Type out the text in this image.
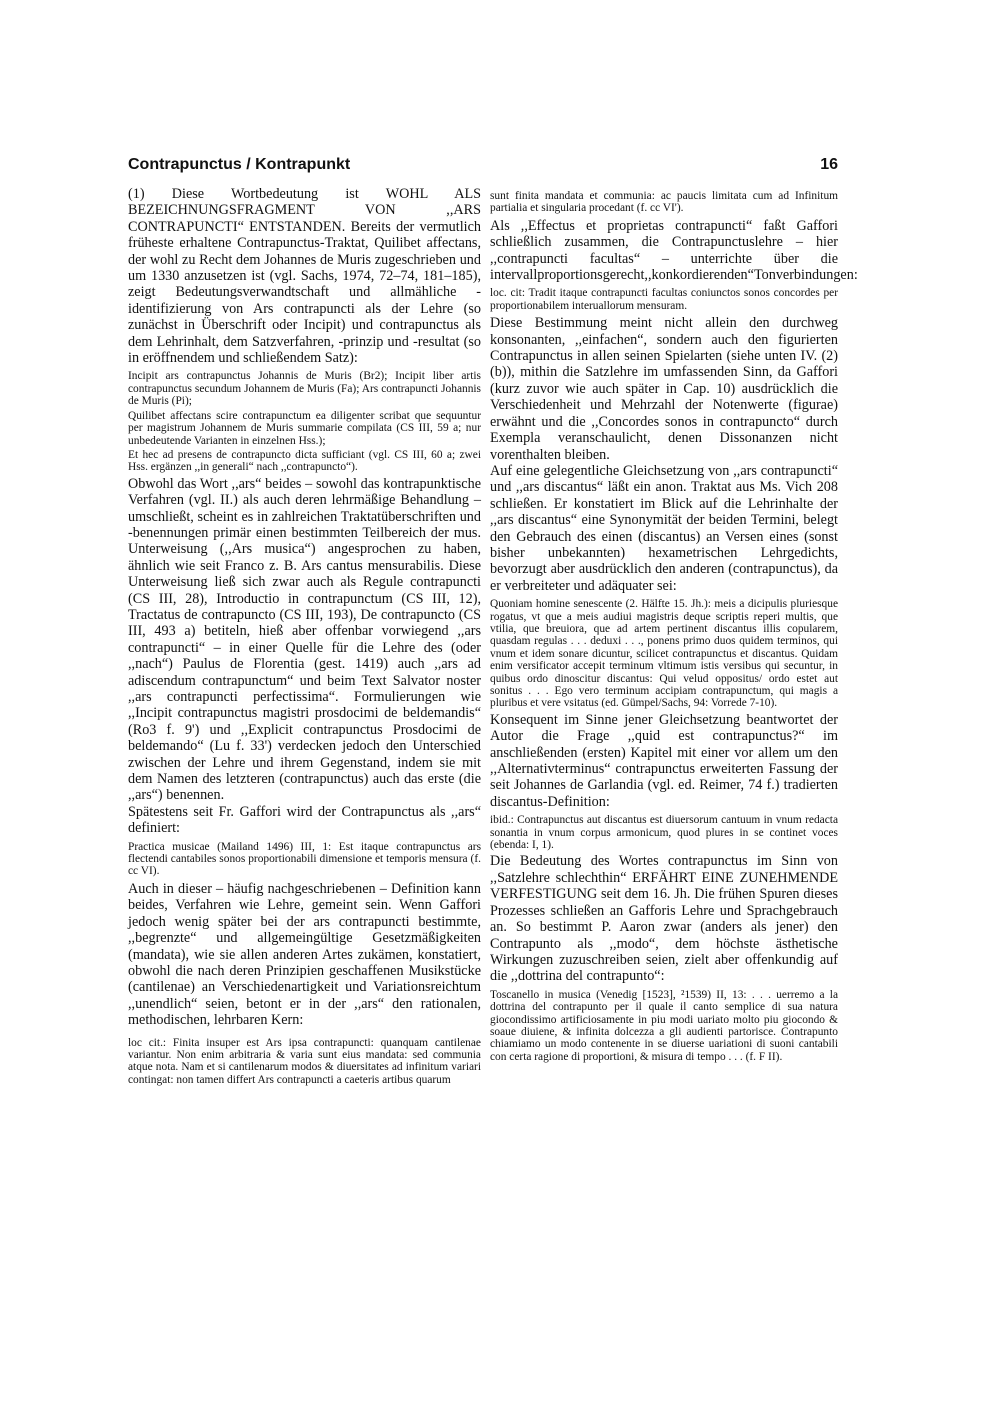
Contrapunctus / Kontrapunkt	16

(1) Diese Wortbedeutung ist WOHL ALS BEZEICHNUNGSFRAGMENT VON ,,ARS CONTRAPUNCTI“ ENTSTANDEN. Bereits der vermutlich früheste erhaltene Contrapunctus-Traktat, Quilibet affectans, der wohl zu Recht dem Johannes de Muris zugeschrieben und um 1330 anzusetzen ist (vgl. Sachs, 1974, 72–74, 181–185), zeigt Bedeutungsverwandtschaft und allmähliche -identifizierung von Ars contrapuncti als der Lehre (so zunächst in Überschrift oder Incipit) und contrapunctus als dem Lehrinhalt, dem Satzverfahren, -prinzip und -resultat (so in eröffnendem und schließendem Satz):

Incipit ars contrapunctus Johannis de Muris (Br2); Incipit liber artis contrapunctus secundum Johannem de Muris (Fa); Ars contrapuncti Johannis de Muris (Pi);

Quilibet affectans scire contrapunctum ea diligenter scribat que sequuntur per magistrum Johannem de Muris summarie compilata (CS III, 59 a; nur unbedeutende Varianten in einzelnen Hss.);

Et hec ad presens de contrapuncto dicta sufficiant (vgl. CS III, 60 a; zwei Hss. ergänzen ,,in generali“ nach ,,contrapuncto“).

Obwohl das Wort ,,ars“ beides – sowohl das kontrapunktische Verfahren (vgl. II.) als auch deren lehrmäßige Behandlung – umschließt, scheint es in zahlreichen Traktatüberschriften und -benennungen primär einen bestimmten Teilbereich der mus. Unterweisung (,,Ars musica“) angesprochen zu haben, ähnlich wie seit Franco z. B. Ars cantus mensurabilis. Diese Unterweisung ließ sich zwar auch als Regule contrapuncti (CS III, 28), Introductio in contrapunctum (CS III, 12), Tractatus de contrapuncto (CS III, 193), De contrapuncto (CS III, 493 a) betiteln, hieß aber offenbar vorwiegend ,,ars contrapuncti“ – in einer Quelle für die Lehre des (oder ,,nach“) Paulus de Florentia (gest. 1419) auch ,,ars ad adiscendum contrapunctum“ und beim Text Salvator noster ,,ars contrapuncti perfectissima“. Formulierungen wie ,,Incipit contrapunctus magistri prosdocimi de beldemandis“ (Ro3 f. 9') und ,,Explicit contrapunctus Prosdocimi de beldemando“ (Lu f. 33') verdecken jedoch den Unterschied zwischen der Lehre und ihrem Gegenstand, indem sie mit dem Namen des letzteren (contrapunctus) auch das erste (die ,,ars“) benennen.

Spätestens seit Fr. Gaffori wird der Contrapunctus als ,,ars“ definiert:

Practica musicae (Mailand 1496) III, 1: Est itaque contrapunctus ars flectendi cantabiles sonos proportionabili dimensione et temporis mensura (f. cc VI).

Auch in dieser – häufig nachgeschriebenen – Definition kann beides, Verfahren wie Lehre, gemeint sein. Wenn Gaffori jedoch wenig später bei der ars contrapuncti bestimmte, ,,begrenzte“ und allgemeingültige Gesetzmäßigkeiten (mandata), wie sie allen anderen Artes zukämen, konstatiert, obwohl die nach deren Prinzipien geschaffenen Musikstücke (cantilenae) an Verschiedenartigkeit und Variationsreichtum ,,unendlich“ seien, betont er in der ,,ars“ den rationalen, methodischen, lehrbaren Kern:

loc cit.: Finita insuper est Ars ipsa contrapuncti: quanquam cantilenae variantur. Non enim arbitraria & varia sunt eius mandata: sed communia atque nota. Nam et si cantilenarum modos & diuersitates ad infinitum variari contingat: non tamen differt Ars contrapuncti a caeteris artibus quarum

sunt finita mandata et communia: ac paucis limitata cum ad Infinitum partialia et singularia procedant (f. cc VI').

Als ,,Effectus et proprietas contrapuncti“ faßt Gaffori schließlich zusammen, die Contrapunctuslehre – hier ,,contrapuncti facultas“ – unterrichte über die intervallproportionsgerecht,,konkordierenden“Tonverbindungen:

loc. cit: Tradit itaque contrapuncti facultas coniunctos sonos concordes per proportionabilem interuallorum mensuram.

Diese Bestimmung meint nicht allein den durchweg konsonanten, ,,einfachen“, sondern auch den figurierten Contrapunctus in allen seinen Spielarten (siehe unten IV. (2) (b)), mithin die Satzlehre im umfassenden Sinn, da Gaffori (kurz zuvor wie auch später in Cap. 10) ausdrücklich die Verschiedenheit und Mehrzahl der Notenwerte (figurae) erwähnt und die ,,Concordes sonos in contrapuncto“ durch Exempla veranschaulicht, denen Dissonanzen nicht vorenthalten bleiben.

Auf eine gelegentliche Gleichsetzung von ,,ars contrapuncti“ und ,,ars discantus“ läßt ein anon. Traktat aus Ms. Vich 208 schließen. Er konstatiert im Blick auf die Lehrinhalte der ,,ars discantus“ eine Synonymität der beiden Termini, belegt den Gebrauch des einen (discantus) an Versen eines (sonst bisher unbekannten) hexametrischen Lehrgedichts, bevorzugt aber ausdrücklich den anderen (contrapunctus), da er verbreiteter und adäquater sei:

Quoniam homine senescente (2. Hälfte 15. Jh.): meis a dicipulis pluriesque rogatus, vt que a meis audiui magistris deque scriptis reperi multis, que vtilia, que breuiora, que ad artem pertinent discantus illis copularem, quasdam regulas . . . deduxi . . ., ponens primo duos quidem terminos, qui vnum et idem sonare dicuntur, scilicet contrapunctus et discantus. Quidam enim versificator accepit terminum vltimum istis versibus qui secuntur, in quibus ordo dinoscitur discantus: Qui velud oppositus/ ordo estet aut sonitus . . . Ego vero terminum accipiam contrapunctum, qui magis a pluribus et vere vsitatus (ed. Gümpel/Sachs, 94: Vorrede 7-10).

Konsequent im Sinne jener Gleichsetzung beantwortet der Autor die Frage ,,quid est contrapunctus?“ im anschließenden (ersten) Kapitel mit einer vor allem um den ,,Alternativterminus“ contrapunctus erweiterten Fassung der seit Johannes de Garlandia (vgl. ed. Reimer, 74 f.) tradierten discantus-Definition:

ibid.: Contrapunctus aut discantus est diuersorum cantuum in vnum redacta sonantia in vnum corpus armonicum, quod plures in se continet voces (ebenda: I, 1).

Die Bedeutung des Wortes contrapunctus im Sinn von ,,Satzlehre schlechthin“ ERFÄHRT EINE ZUNEHMENDE VERFESTIGUNG seit dem 16. Jh. Die frühen Spuren dieses Prozesses schließen an Gafforis Lehre und Sprachgebrauch an. So bestimmt P. Aaron zwar (anders als jener) den Contrapunto als ,,modo“, dem höchste ästhetische Wirkungen zuzuschreiben seien, zielt aber offenkundig auf die ,,dottrina del contrapunto“:

Toscanello in musica (Venedig [1523], ²1539) II, 13: . . . uerremo a la dottrina del contrapunto per il quale il canto semplice di sua natura giocondissimo artificiosamente in piu modi uariato molto piu giocondo & soaue diuiene, & infinita dolcezza a gli audienti partorisce. Contrapunto chiamiamo un modo contenente in se diuerse uariationi di suoni cantabili con certa ragione di proportioni, & misura di tempo . . . (f. F II).
